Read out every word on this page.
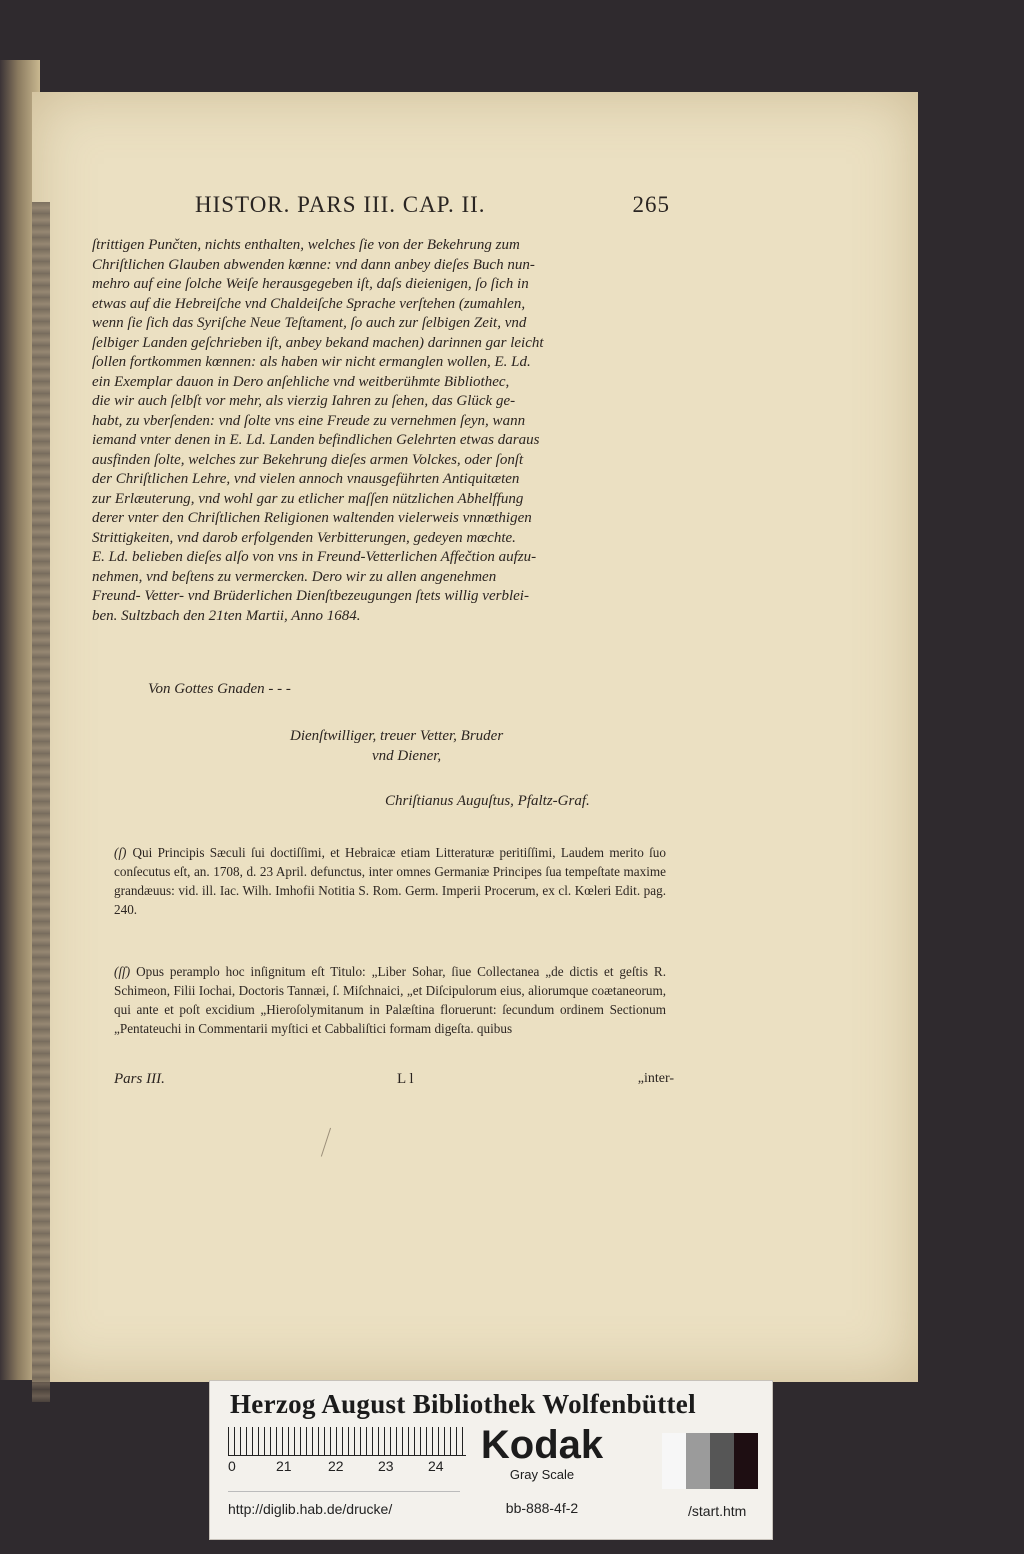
HISTOR. PARS III. CAP. II.	265

ſtrittigen Punčten, nichts enthalten, welches ſie von der Bekehrung zum
Chriſtlichen Glauben abwenden kœnne: vnd dann anbey dieſes Buch nun-
mehro auf eine ſolche Weiſe herausgegeben iſt, daſs dieienigen, ſo ſich in
etwas auf die Hebreiſche vnd Chaldeiſche Sprache verſtehen (zumahlen,
wenn ſie ſich das Syriſche Neue Teſtament, ſo auch zur ſelbigen Zeit, vnd
ſelbiger Landen geſchrieben iſt, anbey bekand machen) darinnen gar leicht
ſollen fortkommen kœnnen: als haben wir nicht ermanglen wollen, E. Ld.
ein Exemplar dauon in Dero anſehliche vnd weitberühmte Bibliothec,
die wir auch ſelbſt vor mehr, als vierzig Iahren zu ſehen, das Glück ge-
habt, zu vberſenden: vnd ſolte vns eine Freude zu vernehmen ſeyn, wann
iemand vnter denen in E. Ld. Landen befindlichen Gelehrten etwas daraus
ausfinden ſolte, welches zur Bekehrung dieſes armen Volckes, oder ſonſt
der Chriſtlichen Lehre, vnd vielen annoch vnausgeführten Antiquitæten
zur Erlæuterung, vnd wohl gar zu etlicher maſſen nützlichen Abhelffung
derer vnter den Chriſtlichen Religionen waltenden vielerweis vnnœthigen
Strittigkeiten, vnd darob erfolgenden Verbitterungen, gedeyen mœchte.
E. Ld. belieben dieſes alſo von vns in Freund-Vetterlichen Affečtion aufzu-
nehmen, vnd beſtens zu vermercken. Dero wir zu allen angenehmen
Freund- Vetter- vnd Brüderlichen Dienſtbezeugungen ſtets willig verblei-
ben. Sultzbach den 21ten Martii, Anno 1684.

Von Gottes Gnaden - - -
Dienſtwilliger, treuer Vetter, Bruder
vnd Diener,
Chriſtianus Auguſtus, Pfaltz-Graf.
(ſ) Qui Principis Sæculi ſui doctiſſimi, et Hebraicæ etiam Litteraturæ peritiſſimi, Laudem merito ſuo conſecutus eſt, an. 1708, d. 23 April. defunctus, inter omnes Germaniæ Principes ſua tempeſtate maxime grandæuus: vid. ill. Iac. Wilh. Imhofii Notitia S. Rom. Germ. Imperii Procerum, ex cl. Kœleri Edit. pag. 240.
(ſſ) Opus peramplo hoc inſignitum eſt Titulo: „Liber Sohar, ſiue Collectanea „de dictis et geſtis R. Schimeon, Filii Iochai, Doctoris Tannæi, ſ. Miſchnaici, „et Diſcipulorum eius, aliorumque coætaneorum, qui ante et poſt excidium „Hieroſolymitanum in Palæſtina floruerunt: ſecundum ordinem Sectionum „Pentateuchi in Commentarii myſtici et Cabbaliſtici formam digeſta. quibus
Pars III.	L l	„inter-
Herzog August Bibliothek Wolfenbüttel
0	21	22 23 24 Kodak
Gray Scale
http://diglib.hab.de/drucke/	bb-888-4f-2	/start.htm
